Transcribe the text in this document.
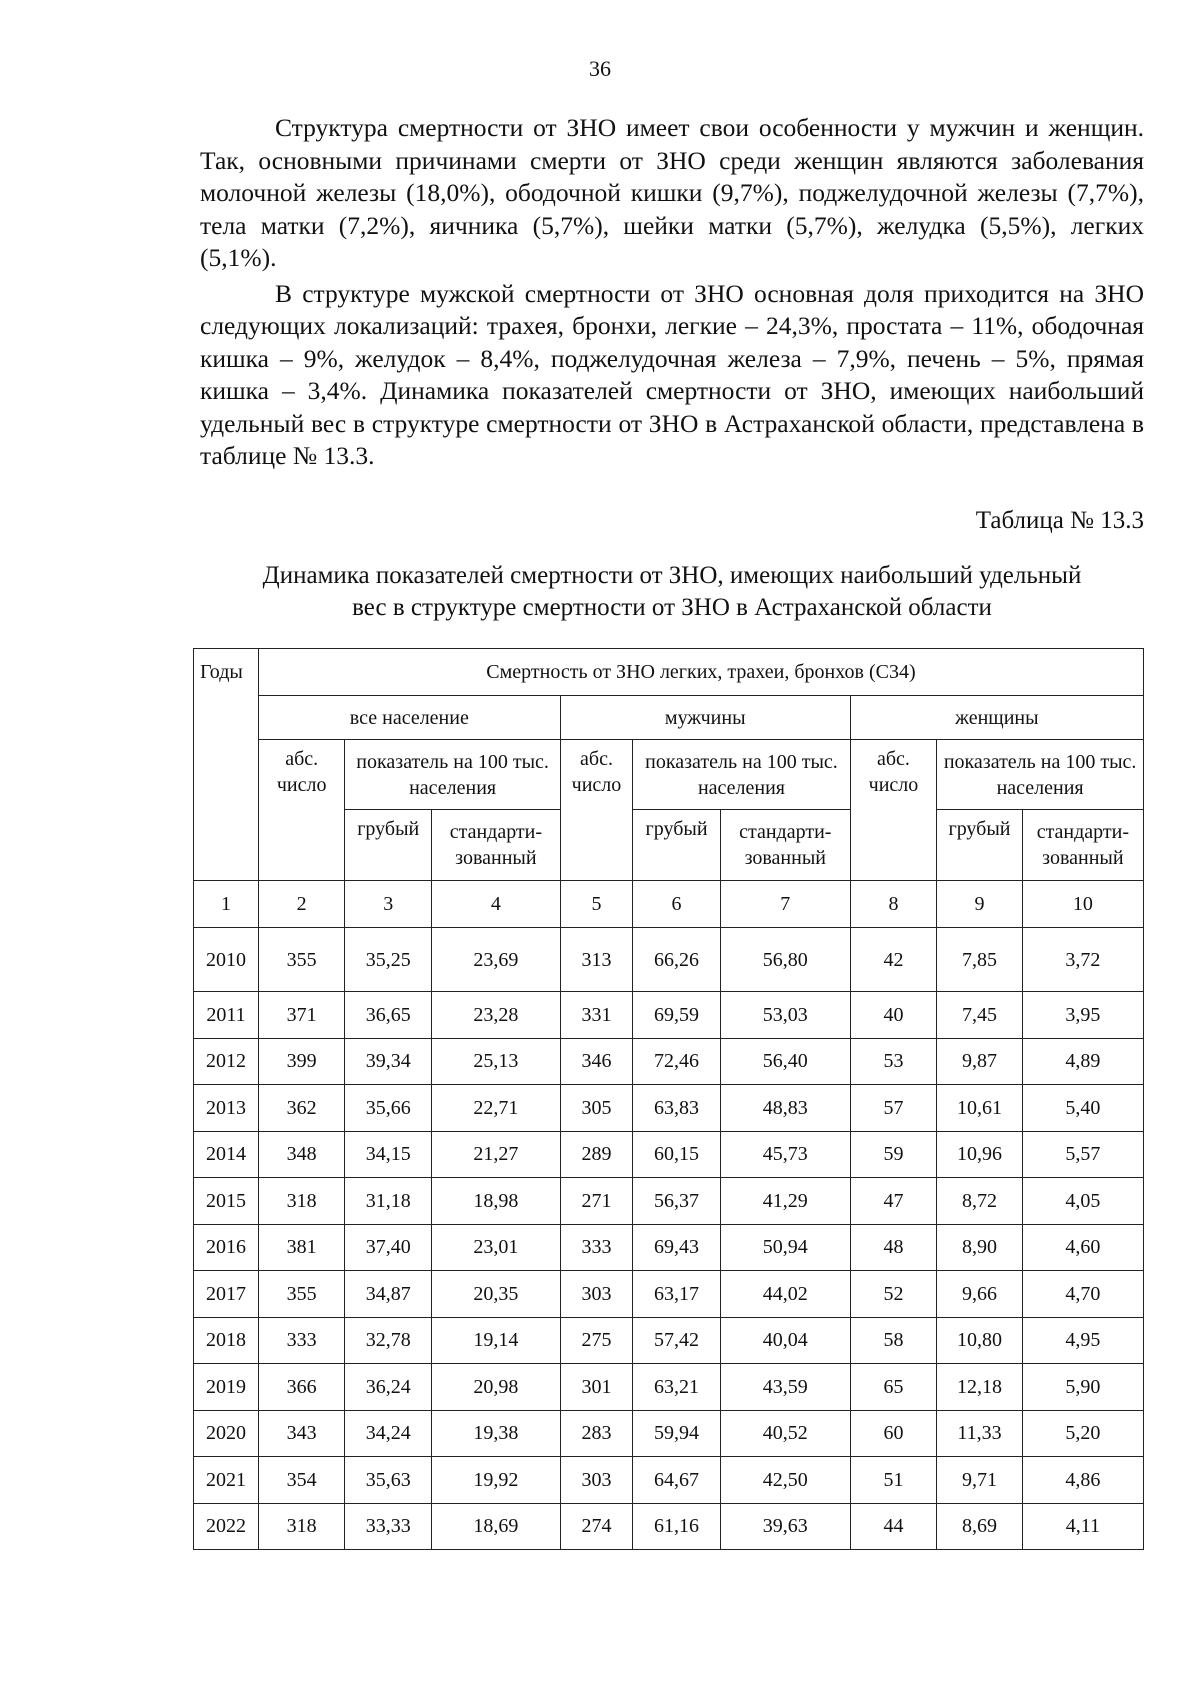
36

Структура смертности от ЗНО имеет свои особенности у мужчин и женщин. Так, основными причинами смерти от ЗНО среди женщин являются заболевания молочной железы (18,0%), ободочной кишки (9,7%), поджелудочной железы (7,7%), тела матки (7,2%), яичника (5,7%), шейки матки (5,7%), желудка (5,5%), легких (5,1%).

В структуре мужской смертности от ЗНО основная доля приходится на ЗНО следующих локализаций: трахея, бронхи, легкие – 24,3%, простата – 11%, ободочная кишка – 9%, желудок – 8,4%, поджелудочная железа – 7,9%, печень – 5%, прямая кишка – 3,4%. Динамика показателей смертности от ЗНО, имеющих наибольший удельный вес в структуре смертности от ЗНО в Астраханской области, представлена в таблице № 13.3.

Таблица № 13.3
Динамика показателей смертности от ЗНО, имеющих наибольший удельный
вес в структуре смертности от ЗНО в Астраханской области
Годы	Смертность от ЗНО легких, трахеи, бронхов (С34)								
	все население			мужчины			женщины		
	абс. число	показатель на 100 тыс. населения		абс. число	показатель на 100 тыс. населения		абс. число	показатель на 100 тыс. населения	
		грубый	стандарти-зованный		грубый	стандарти-зованный		грубый	стандарти-зованный
1	2	3	4	5	6	7	8	9	10
2010	355	35,25	23,69	313	66,26	56,80	42	7,85	3,72
2011	371	36,65	23,28	331	69,59	53,03	40	7,45	3,95
2012	399	39,34	25,13	346	72,46	56,40	53	9,87	4,89
2013	362	35,66	22,71	305	63,83	48,83	57	10,61	5,40
2014	348	34,15	21,27	289	60,15	45,73	59	10,96	5,57
2015	318	31,18	18,98	271	56,37	41,29	47	8,72	4,05
2016	381	37,40	23,01	333	69,43	50,94	48	8,90	4,60
2017	355	34,87	20,35	303	63,17	44,02	52	9,66	4,70
2018	333	32,78	19,14	275	57,42	40,04	58	10,80	4,95
2019	366	36,24	20,98	301	63,21	43,59	65	12,18	5,90
2020	343	34,24	19,38	283	59,94	40,52	60	11,33	5,20
2021	354	35,63	19,92	303	64,67	42,50	51	9,71	4,86
2022	318	33,33	18,69	274	61,16	39,63	44	8,69	4,11
